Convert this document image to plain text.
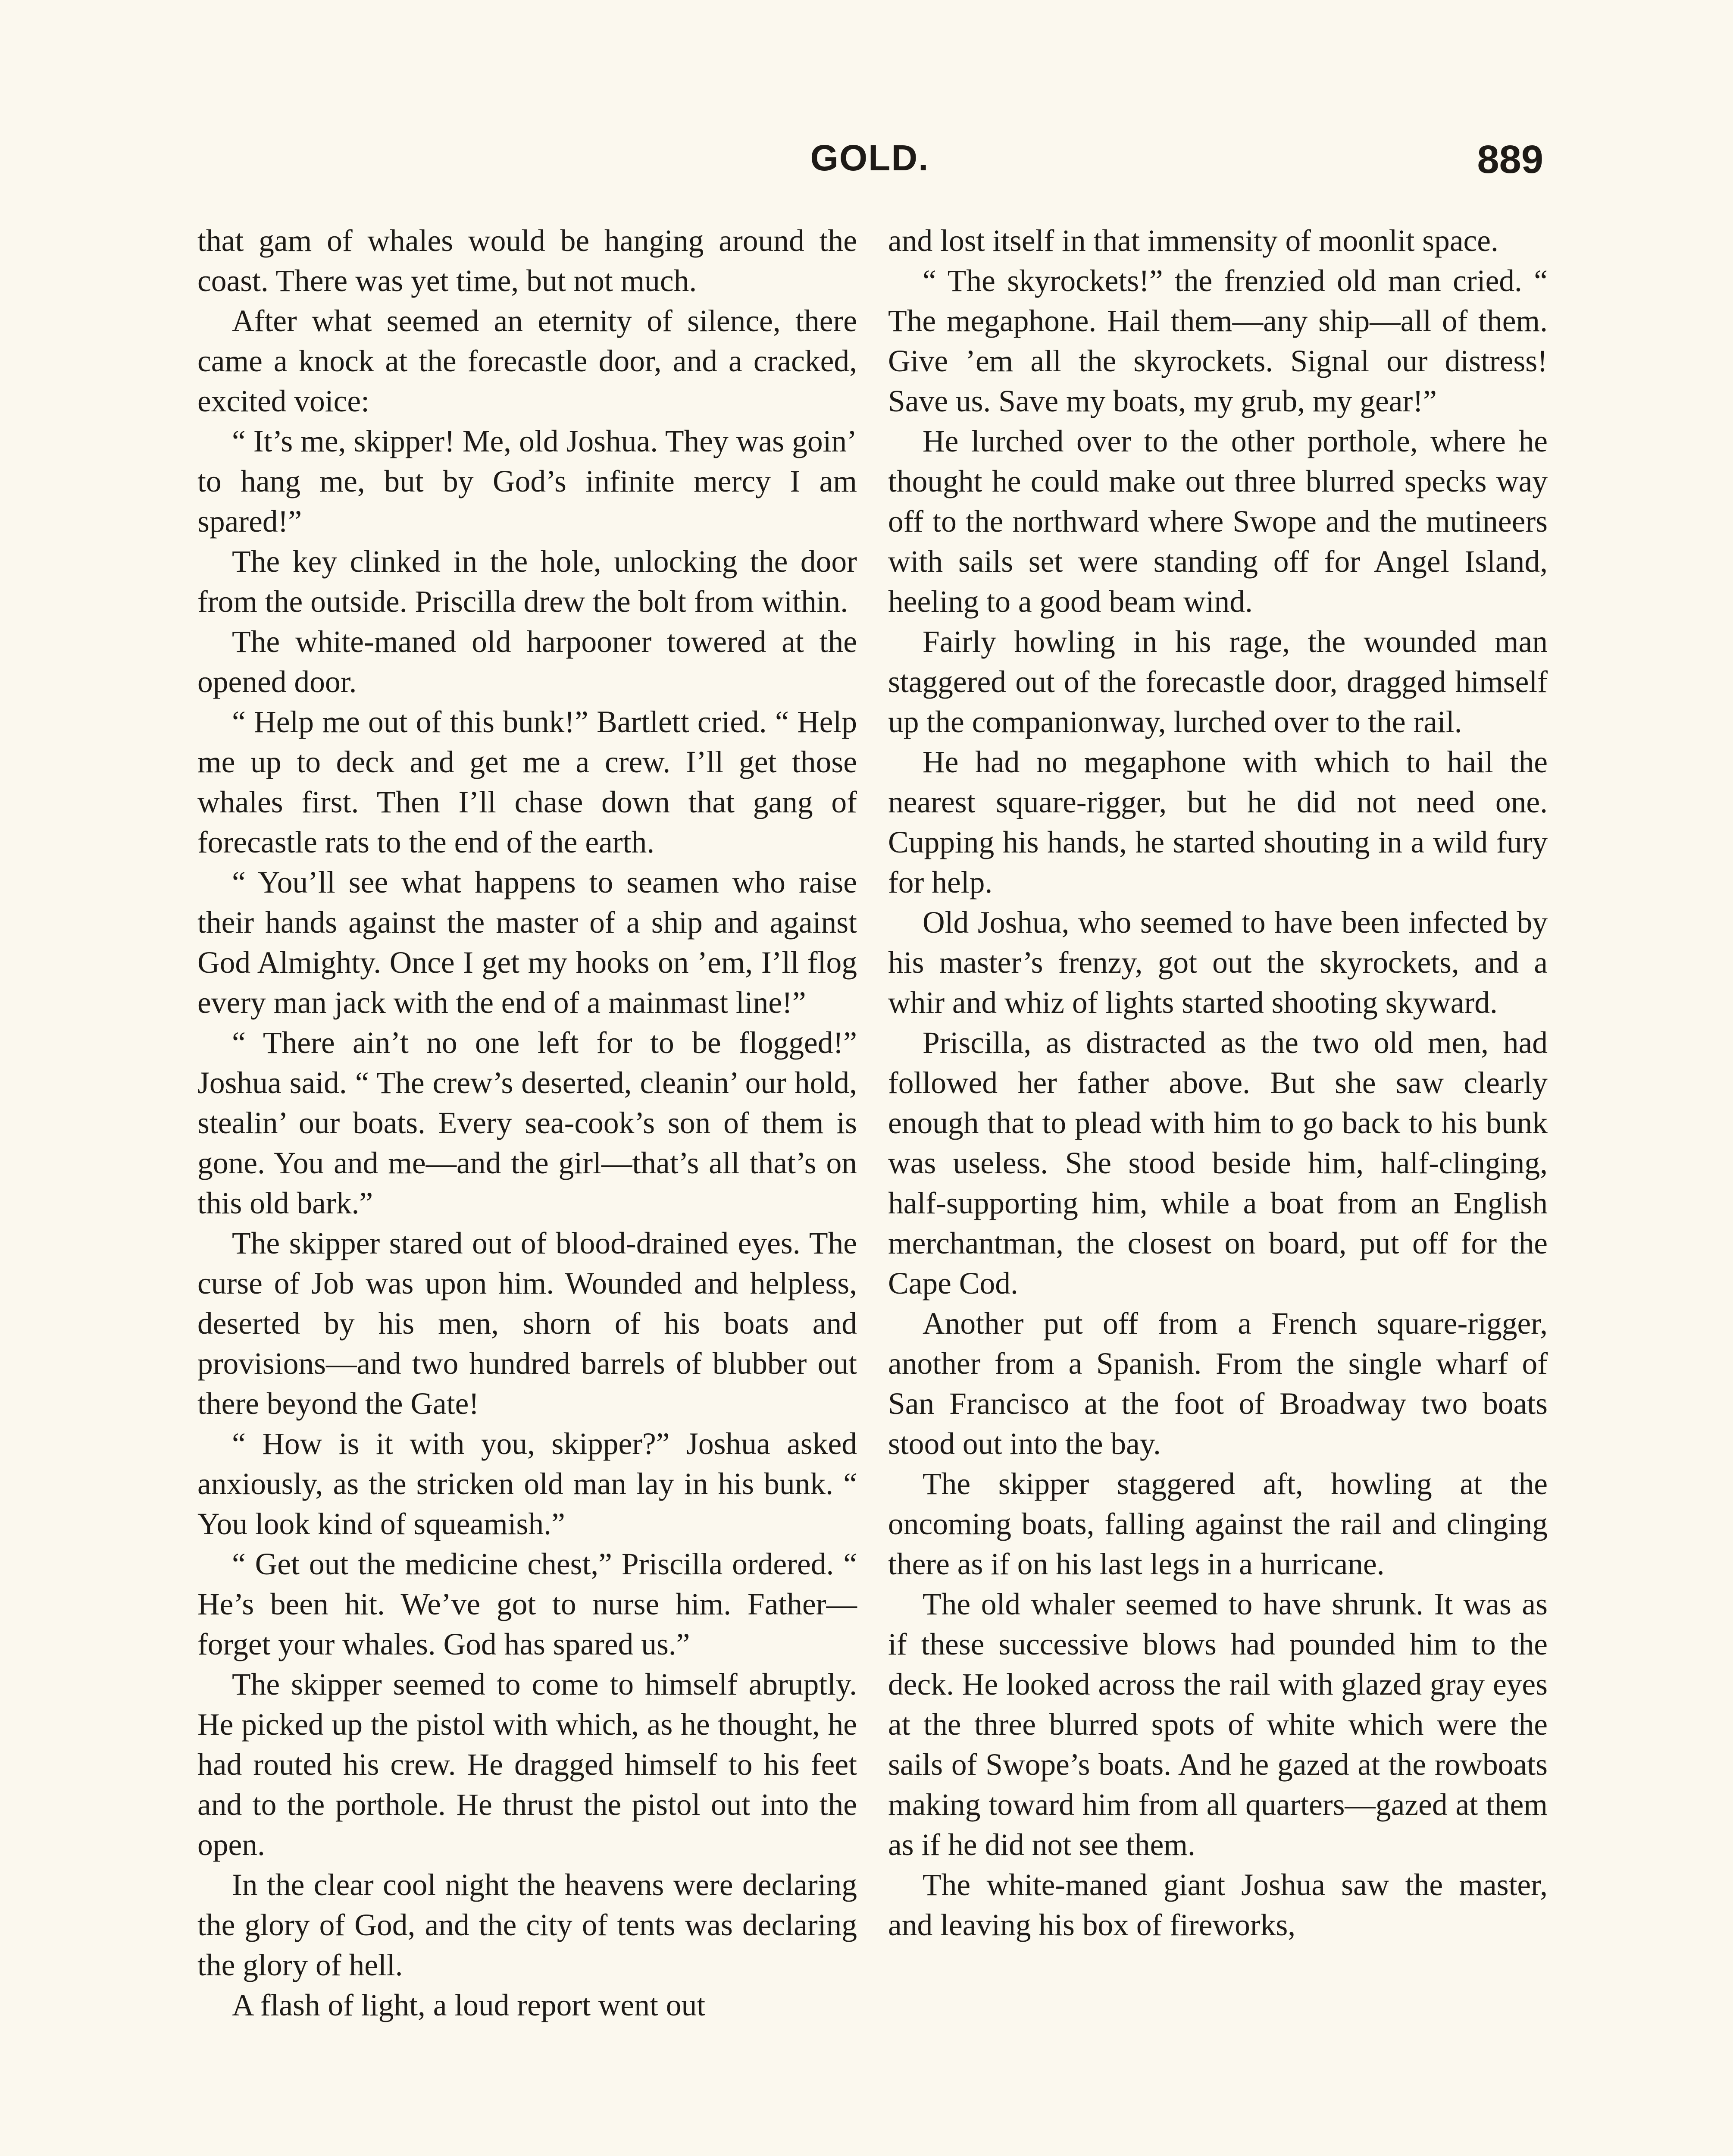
GOLD.	889

that gam of whales would be hanging around the coast. There was yet time, but not much.

After what seemed an eternity of silence, there came a knock at the forecastle door, and a cracked, excited voice:

“ It’s me, skipper! Me, old Joshua. They was goin’ to hang me, but by God’s infinite mercy I am spared!”

The key clinked in the hole, unlocking the door from the outside. Priscilla drew the bolt from within.

The white-maned old harpooner towered at the opened door.

“ Help me out of this bunk!” Bartlett cried. “ Help me up to deck and get me a crew. I’ll get those whales first. Then I’ll chase down that gang of forecastle rats to the end of the earth.

“ You’ll see what happens to seamen who raise their hands against the master of a ship and against God Almighty. Once I get my hooks on ’em, I’ll flog every man jack with the end of a mainmast line!”

“ There ain’t no one left for to be flogged!” Joshua said. “ The crew’s deserted, cleanin’ our hold, stealin’ our boats. Every sea-cook’s son of them is gone. You and me—and the girl—that’s all that’s on this old bark.”

The skipper stared out of blood-drained eyes. The curse of Job was upon him. Wounded and helpless, deserted by his men, shorn of his boats and provisions—and two hundred barrels of blubber out there beyond the Gate!

“ How is it with you, skipper?” Joshua asked anxiously, as the stricken old man lay in his bunk. “ You look kind of squeamish.”

“ Get out the medicine chest,” Priscilla ordered. “ He’s been hit. We’ve got to nurse him. Father—forget your whales. God has spared us.”

The skipper seemed to come to himself abruptly. He picked up the pistol with which, as he thought, he had routed his crew. He dragged himself to his feet and to the porthole. He thrust the pistol out into the open.

In the clear cool night the heavens were declaring the glory of God, and the city of tents was declaring the glory of hell.

A flash of light, a loud report went out

and lost itself in that immensity of moonlit space.

“ The skyrockets!” the frenzied old man cried. “ The megaphone. Hail them—any ship—all of them. Give ’em all the skyrockets. Signal our distress! Save us. Save my boats, my grub, my gear!”

He lurched over to the other porthole, where he thought he could make out three blurred specks way off to the northward where Swope and the mutineers with sails set were standing off for Angel Island, heeling to a good beam wind.

Fairly howling in his rage, the wounded man staggered out of the forecastle door, dragged himself up the companionway, lurched over to the rail.

He had no megaphone with which to hail the nearest square-rigger, but he did not need one. Cupping his hands, he started shouting in a wild fury for help.

Old Joshua, who seemed to have been infected by his master’s frenzy, got out the skyrockets, and a whir and whiz of lights started shooting skyward.

Priscilla, as distracted as the two old men, had followed her father above. But she saw clearly enough that to plead with him to go back to his bunk was useless. She stood beside him, half-clinging, half-supporting him, while a boat from an English merchantman, the closest on board, put off for the Cape Cod.

Another put off from a French square-rigger, another from a Spanish. From the single wharf of San Francisco at the foot of Broadway two boats stood out into the bay.

The skipper staggered aft, howling at the oncoming boats, falling against the rail and clinging there as if on his last legs in a hurricane.

The old whaler seemed to have shrunk. It was as if these successive blows had pounded him to the deck. He looked across the rail with glazed gray eyes at the three blurred spots of white which were the sails of Swope’s boats. And he gazed at the rowboats making toward him from all quarters—gazed at them as if he did not see them.

The white-maned giant Joshua saw the master, and leaving his box of fireworks,
